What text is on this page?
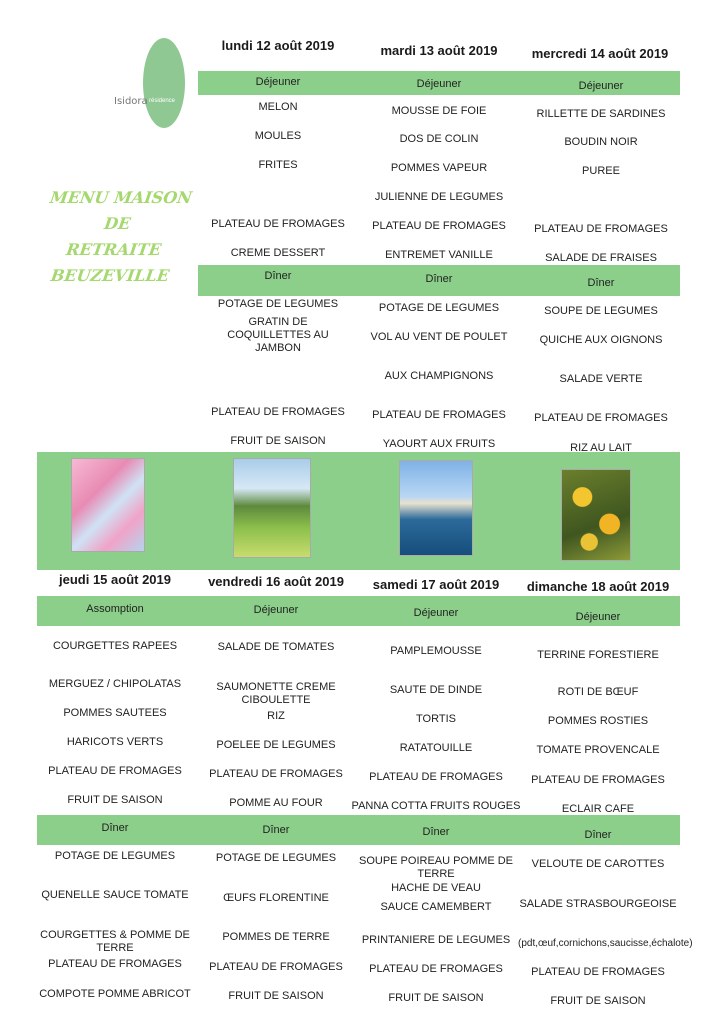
Isidora résidence
MENU MAISON DE
RETRAITE
BEUZEVILLE
lundi 12 août 2019
Déjeuner
MELON
MOULES
FRITES
PLATEAU DE FROMAGES
CREME DESSERT
Dîner
POTAGE DE LEGUMES
GRATIN DE COQUILLETTES AU JAMBON
PLATEAU DE FROMAGES
FRUIT DE SAISON
mardi 13 août 2019
Déjeuner
MOUSSE DE FOIE
DOS DE COLIN
POMMES VAPEUR
JULIENNE DE LEGUMES
PLATEAU DE FROMAGES
ENTREMET VANILLE
Dîner
POTAGE DE LEGUMES
VOL AU VENT DE POULET
AUX CHAMPIGNONS
PLATEAU DE FROMAGES
YAOURT AUX FRUITS
mercredi 14 août 2019
Déjeuner
RILLETTE DE SARDINES
BOUDIN NOIR
PUREE
PLATEAU DE FROMAGES
SALADE DE FRAISES
Dîner
SOUPE DE LEGUMES
QUICHE AUX OIGNONS
SALADE VERTE
PLATEAU DE FROMAGES
RIZ AU LAIT
jeudi 15 août 2019
Assomption
COURGETTES RAPEES
MERGUEZ / CHIPOLATAS
POMMES SAUTEES
HARICOTS VERTS
PLATEAU DE FROMAGES
FRUIT DE SAISON
Dîner
POTAGE DE LEGUMES
QUENELLE SAUCE TOMATE
COURGETTES & POMME DE TERRE
PLATEAU DE FROMAGES
COMPOTE POMME ABRICOT
vendredi 16 août 2019
Déjeuner
SALADE DE TOMATES
SAUMONETTE CREME CIBOULETTE
RIZ
POELEE DE LEGUMES
PLATEAU DE FROMAGES
POMME AU FOUR
Dîner
POTAGE DE LEGUMES
ŒUFS FLORENTINE
POMMES DE TERRE
PLATEAU DE FROMAGES
FRUIT DE SAISON
samedi 17 août 2019
Déjeuner
PAMPLEMOUSSE
SAUTE DE DINDE
TORTIS
RATATOUILLE
PLATEAU DE FROMAGES
PANNA COTTA FRUITS ROUGES
Dîner
SOUPE POIREAU POMME DE TERRE
HACHE DE VEAU SAUCE CAMEMBERT
PRINTANIERE DE LEGUMES
PLATEAU DE FROMAGES
FRUIT DE SAISON
dimanche 18 août 2019
Déjeuner
TERRINE FORESTIERE
ROTI DE BŒUF
POMMES ROSTIES
TOMATE PROVENCALE
PLATEAU DE FROMAGES
ECLAIR CAFE
Dîner
VELOUTE DE CAROTTES
SALADE STRASBOURGEOISE
(pdt,œuf,cornichons,saucisse,échalote)
PLATEAU DE FROMAGES
FRUIT DE SAISON
